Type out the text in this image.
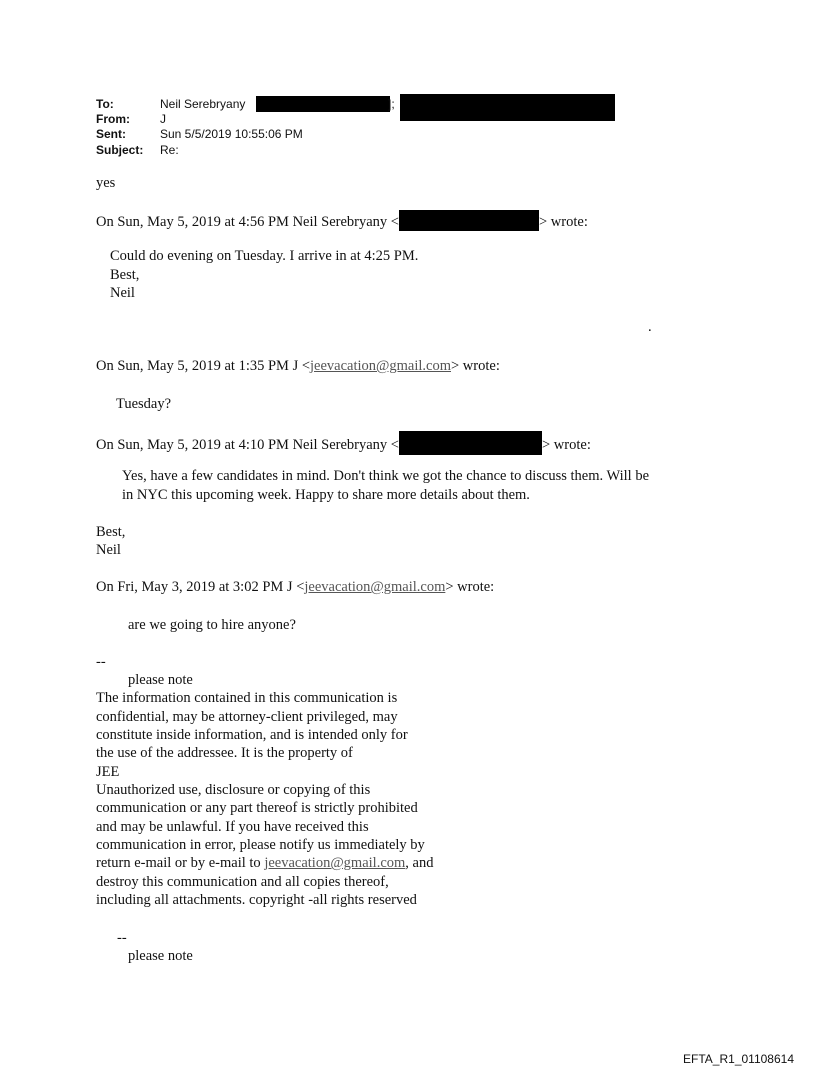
To:	Neil Serebryany	];
From:	J
Sent:	Sun 5/5/2019 10:55:06 PM
Subject: Re:
yes
On Sun, May 5, 2019 at 4:56 PM Neil Serebryany <	> wrote:
Could do evening on Tuesday. I arrive in at 4:25 PM.
Best,
Neil
.
On Sun, May 5, 2019 at 1:35 PM J <jeevacation@gmail.com> wrote:
Tuesday?
On Sun, May 5, 2019 at 4:10 PM Neil Serebryany <	> wrote:
Yes, have a few candidates in mind. Don't think we got the chance to discuss them. Will be
in NYC this upcoming week. Happy to share more details about them.
Best,
Neil
On Fri, May 3, 2019 at 3:02 PM J <jeevacation@gmail.com> wrote:
are we going to hire anyone?
--
please note
The information contained in this communication is
confidential, may be attorney-client privileged, may
constitute inside information, and is intended only for
the use of the addressee. It is the property of
JEE
Unauthorized use, disclosure or copying of this
communication or any part thereof is strictly prohibited
and may be unlawful. If you have received this
communication in error, please notify us immediately by
return e-mail or by e-mail to jeevacation@gmail.com, and
destroy this communication and all copies thereof,
including all attachments. copyright -all rights reserved
--
please note
EFTA_R1_01108614
